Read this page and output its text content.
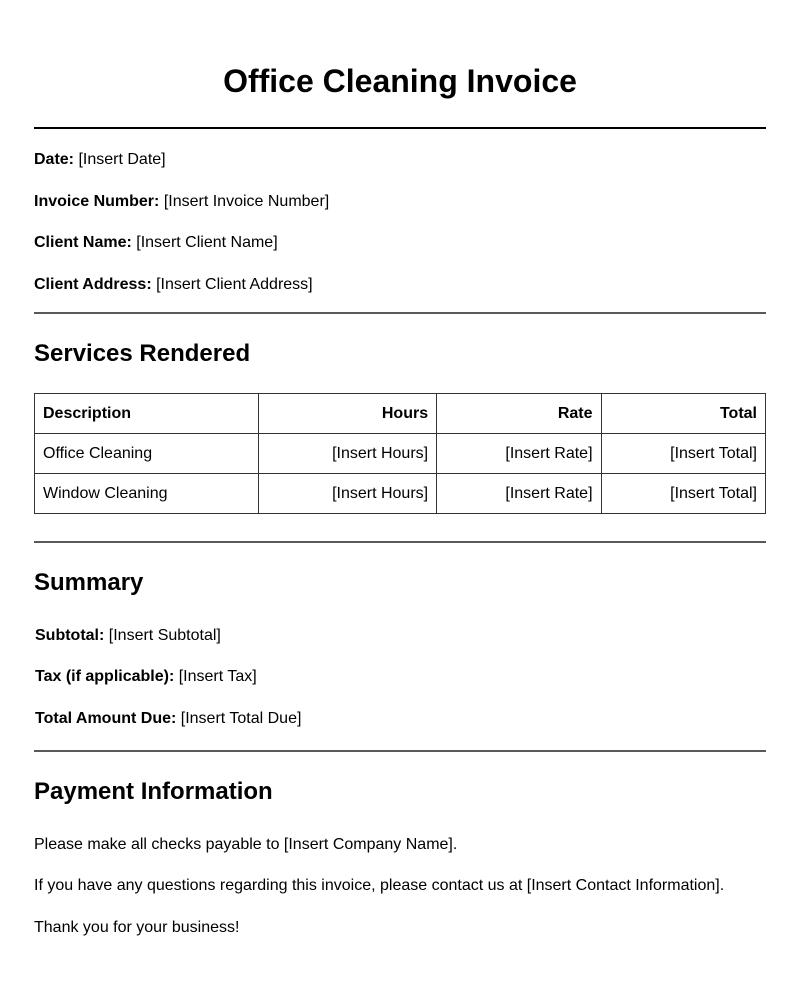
Office Cleaning Invoice
Date: [Insert Date]
Invoice Number: [Insert Invoice Number]
Client Name: [Insert Client Name]
Client Address: [Insert Client Address]
Services Rendered
Description	Hours	Rate	Total
Office Cleaning	[Insert Hours]	[Insert Rate]	[Insert Total]
Window Cleaning	[Insert Hours]	[Insert Rate]	[Insert Total]
Summary
Subtotal: [Insert Subtotal]
Tax (if applicable): [Insert Tax]
Total Amount Due: [Insert Total Due]
Payment Information
Please make all checks payable to [Insert Company Name].
If you have any questions regarding this invoice, please contact us at [Insert Contact Information].
Thank you for your business!
